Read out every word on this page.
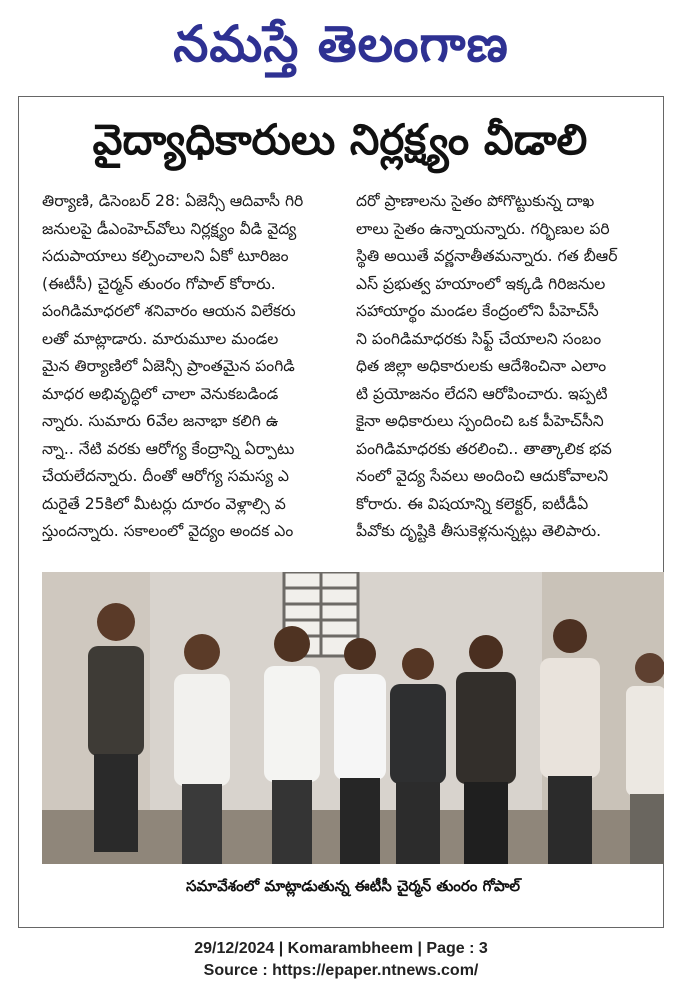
నమస్తే తెలంగాణ
వైద్యాధికారులు నిర్లక్ష్యం వీడాలి
తిర్యాణి, డిసెంబర్ 28: ఏజెన్సీ ఆదివాసీ గిరి
జనులపై డీఎంహెచ్‌వోలు నిర్లక్ష్యం వీడి వైద్య
సదుపాయాలు కల్పించాలని ఏకో టూరిజం
(ఈటీసీ) చైర్మన్ తుంరం గోపాల్ కోరారు.
పంగిడిమాధరలో శనివారం ఆయన విలేకరు
లతో మాట్లాడారు. మారుమూల మండల
మైన తిర్యాణిలో ఏజెన్సీ ప్రాంతమైన పంగిడి
మాధర అభివృద్ధిలో చాలా వెనుకబడిండ
న్నారు. సుమారు 6వేల జనాభా కలిగి ఉ
న్నా.. నేటి వరకు ఆరోగ్య కేంద్రాన్ని ఏర్పాటు
చేయలేదన్నారు. దీంతో ఆరోగ్య సమస్య ఎ
దురైతే 25కిలో మీటర్లు దూరం వెళ్లాల్సి వ
స్తుందన్నారు. సకాలంలో వైద్యం అందక ఎం
దరో ప్రాణాలను సైతం పోగొట్టుకున్న దాఖ
లాలు సైతం ఉన్నాయన్నారు. గర్భిణుల పరి
స్థితి అయితే వర్ణనాతీతమన్నారు. గత బీఆర్
ఎస్ ప్రభుత్వ హయాంలో ఇక్కడి గిరిజనుల
సహాయార్థం మండల కేంద్రంలోని పీహెచ్‌సీ
ని పంగిడిమాధరకు సిఫ్ట్ చేయాలని సంబం
ధిత జిల్లా అధికారులకు ఆదేశించినా ఎలాం
టి ప్రయోజనం లేదని ఆరోపించారు. ఇప్పటి
కైనా అధికారులు స్పందించి ఒక పీహెచ్‌సీని
పంగిడిమాధరకు తరలించి.. తాత్కాలిక భవ
నంలో వైద్య సేవలు అందించి ఆదుకోవాలని
కోరారు. ఈ విషయాన్ని కలెక్టర్, ఐటీడీఏ
పీవోకు దృష్టికి తీసుకెళ్లనున్నట్లు తెలిపారు.
సమావేశంలో మాట్లాడుతున్న ఈటీసీ చైర్మన్ తుంరం గోపాల్
29/12/2024 | Komarambheem | Page : 3
Source : https://epaper.ntnews.com/
